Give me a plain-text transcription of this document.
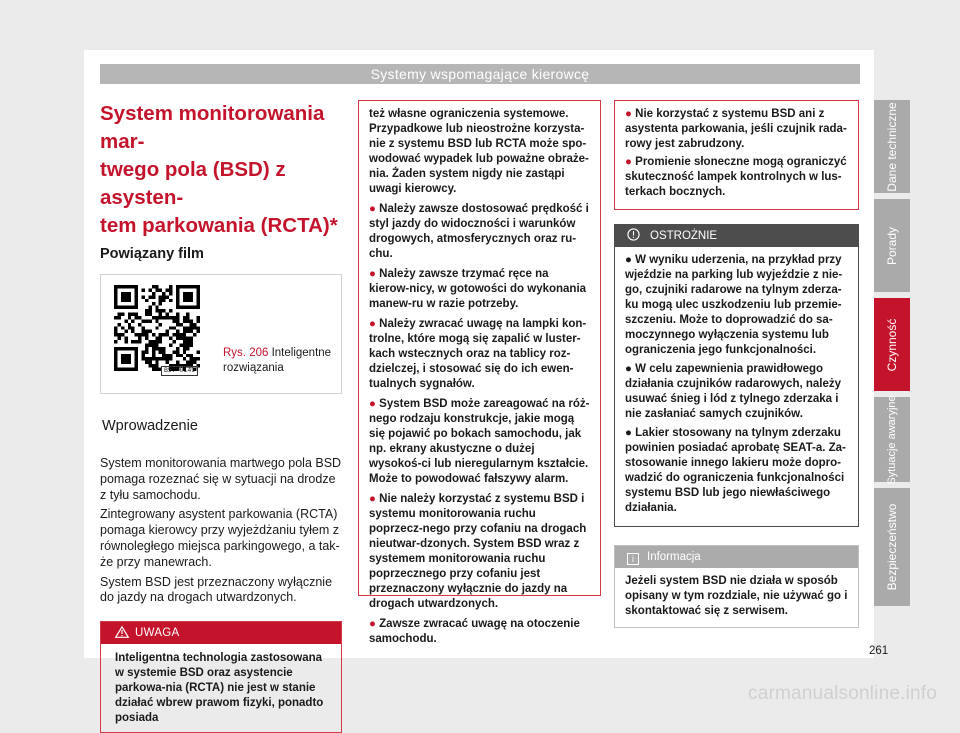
Systemy wspomagające kierowcę
System monitorowania mar-
twego pola (BSD) z asysten-
tem parkowania (RCTA)*
Powiązany film
B57-0149
Rys. 206 Inteligentne rozwiązania
Wprowadzenie

System monitorowania martwego pola BSD pomaga rozeznać się w sytuacji na drodze z tyłu samochodu.

Zintegrowany asystent parkowania (RCTA) pomaga kierowcy przy wyjeżdżaniu tyłem z równoległego miejsca parkingowego, a tak-że przy manewrach.

System BSD jest przeznaczony wyłącznie do jazdy na drogach utwardzonych.

UWAGA
Inteligentna technologia zastosowana w systemie BSD oraz asystencie parkowa-nia (RCTA) nie jest w stanie działać wbrew prawom fizyki, ponadto posiada

też własne ograniczenia systemowe. Przypadkowe lub nieostrożne korzysta-nie z systemu BSD lub RCTA może spo-wodować wypadek lub poważne obraże-nia. Żaden system nigdy nie zastąpi uwagi kierowcy.

● Należy zawsze dostosować prędkość i styl jazdy do widoczności i warunków drogowych, atmosferycznych oraz ru-chu.

● Należy zawsze trzymać ręce na kierow-nicy, w gotowości do wykonania manew-ru w razie potrzeby.

● Należy zwracać uwagę na lampki kon-trolne, które mogą się zapalić w luster-kach wstecznych oraz na tablicy roz-dzielczej, i stosować się do ich ewen-tualnych sygnałów.

● System BSD może zareagować na róż-nego rodzaju konstrukcje, jakie mogą się pojawić po bokach samochodu, jak np. ekrany akustyczne o dużej wysokoś-ci lub nieregularnym kształcie. Może to powodować fałszywy alarm.

● Nie należy korzystać z systemu BSD i systemu monitorowania ruchu poprzecz-nego przy cofaniu na drogach nieutwar-dzonych. System BSD wraz z systemem monitorowania ruchu poprzecznego przy cofaniu jest przeznaczony wyłącznie do jazdy na drogach utwardzonych.

● Zawsze zwracać uwagę na otoczenie samochodu.

● Nie korzystać z systemu BSD ani z asystenta parkowania, jeśli czujnik rada-rowy jest zabrudzony.

● Promienie słoneczne mogą ograniczyć skuteczność lampek kontrolnych w lus-terkach bocznych.

OSTROŻNIE

● W wyniku uderzenia, na przykład przy wjeździe na parking lub wyjeździe z nie-go, czujniki radarowe na tylnym zderza-ku mogą ulec uszkodzeniu lub przemie-szczeniu. Może to doprowadzić do sa-moczynnego wyłączenia systemu lub ograniczenia jego funkcjonalności.

● W celu zapewnienia prawidłowego działania czujników radarowych, należy usuwać śnieg i lód z tylnego zderzaka i nie zasłaniać samych czujników.

● Lakier stosowany na tylnym zderzaku powinien posiadać aprobatę SEAT-a. Za-stosowanie innego lakieru może dopro-wadzić do ograniczenia funkcjonalności systemu BSD lub jego niewłaściwego działania.

i Informacja
Jeżeli system BSD nie działa w sposób opisany w tym rozdziale, nie używać go i skontaktować się z serwisem.
Dane techniczne
Porady
Czynność
Sytuacje awaryjne
Bezpieczeństwo
261
carmanualsonline.info
